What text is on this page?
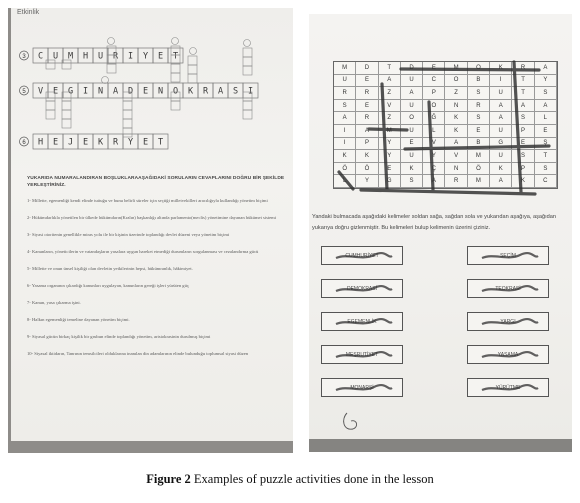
Etkinlik
3 C U M H U R I Y E T
5 V E G I N A D E N O K R A S I
6 H E J E K R Y E T
YUKARIDA NUMARALANDIRAN BOŞLUKLARAAŞAĞIDAKİ SORULARIN CEVAPLARINI DOĞRU BİR ŞEKİLDE YERLEŞTİRİNİZ.
1- Millette, egemenliği kendi elinde tuttuğu ve bunu belirli süreler için seçtiği milletvekilleri aracılığıyla kullandığı yönetim biçimi
2- Hükümdarlıkla yönetilen bir ülkede hükümdarın(Kralın) başkanlığı altında parlamento(meclis) yönetimine dayanan hükümet sistemi
3- Siyasi otoritenin genellikle miras yolu ile bir kişinin üzerinde toplandığı devlet düzeni veya yönetim biçimi
4- Kanunların, yöneticilerin ve vatandaşların yasalara uygun hareket etmediği durumların sorgulanması ve cezalandırma gücü
5- Millette ve onun ünsel kişiliği olan devletin yetkilerinin hepsi, hükümranlık, hâkimiyet.
6- Yasama organının çıkardığı kanunları uygulayan, kanunların gereği işleri yürüten güç
7- Kanun, yasa çıkarma işini.
8- Halkın egemenliği temeline dayanan yönetim biçimi.
9- Siyasal gücün birkaç kişilik bir grubun elinde toplandığı yönetim, aristokrasinin durulmuş biçimi
10- Siyasal iktidarın, Tanrının temsilcileri olduklarına inanılan din adamlarının elinde bulunduğu toplumsal siyasi düzen
M	D	T	D	E	M	O	K	R	A
U	E	A	U	C	O	B	I	T	Y
R	R	Z	A	P	Z	S	U	T	S
S	E	V	U	O	N	R	A	A	A
A	R	Z	O	Ğ	K	S	A	S	L
I	A	M	U	L	K	E	U	P	E
I	P	Y	E	V	A	B	G	E	Ş
K	K	Y	U	Y	V	M	U	S	T
Ö	Ö	E	K	Ç	N	Ö	K	P	S
L	Y	G	S	A	R	M	A	K	C

Yandaki bulmacada aşağıdaki kelimeler soldan sağa, sağdan sola ve yukarıdan aşağıya, aşağıdan yukarıya doğru gizlenmiştir. Bu kelimeleri bulup kelimenin üzerini çiziniz.

CUMHURİYET
DEMOKRASİ
EGEMENLİK
MEŞRUTİYET
MONARŞİ
SEÇİM
TEOKRASİ
YARGI
YASAMA
YÜRÜTME
Figure 2 Examples of puzzle activities done in the lesson
